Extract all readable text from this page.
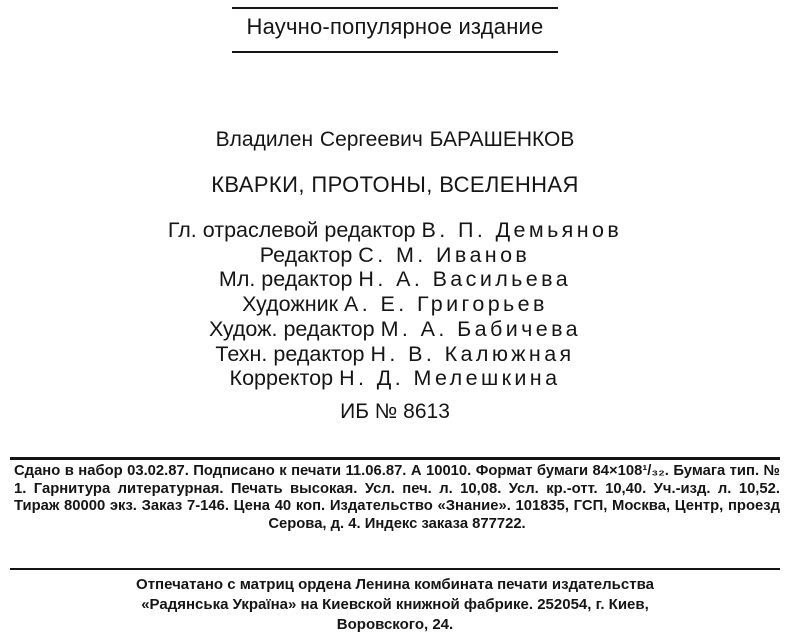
Научно-популярное издание
Владилен Сергеевич БАРАШЕНКОВ
КВАРКИ, ПРОТОНЫ, ВСЕЛЕННАЯ
Гл. отраслевой редактор В. П. Демьянов
Редактор С. М. Иванов
Мл. редактор Н. А. Васильева
Художник А. Е. Григорьев
Худож. редактор М. А. Бабичева
Техн. редактор Н. В. Калюжная
Корректор Н. Д. Мелешкина
ИБ № 8613
Сдано в набор 03.02.87. Подписано к печати 11.06.87. А 10010. Формат бумаги 84×108¹/₃₂. Бумага тип. № 1. Гарнитура литературная. Печать высокая. Усл. печ. л. 10,08. Усл. кр.-отт. 10,40. Уч.-изд. л. 10,52. Тираж 80000 экз. Заказ 7-146. Цена 40 коп. Издательство «Знание». 101835, ГСП, Москва, Центр, проезд Серова, д. 4. Индекс заказа 877722.
Отпечатано с матриц ордена Ленина комбината печати издательства
«Радянська Україна» на Киевской книжной фабрике. 252054, г. Киев,
Воровского, 24.
